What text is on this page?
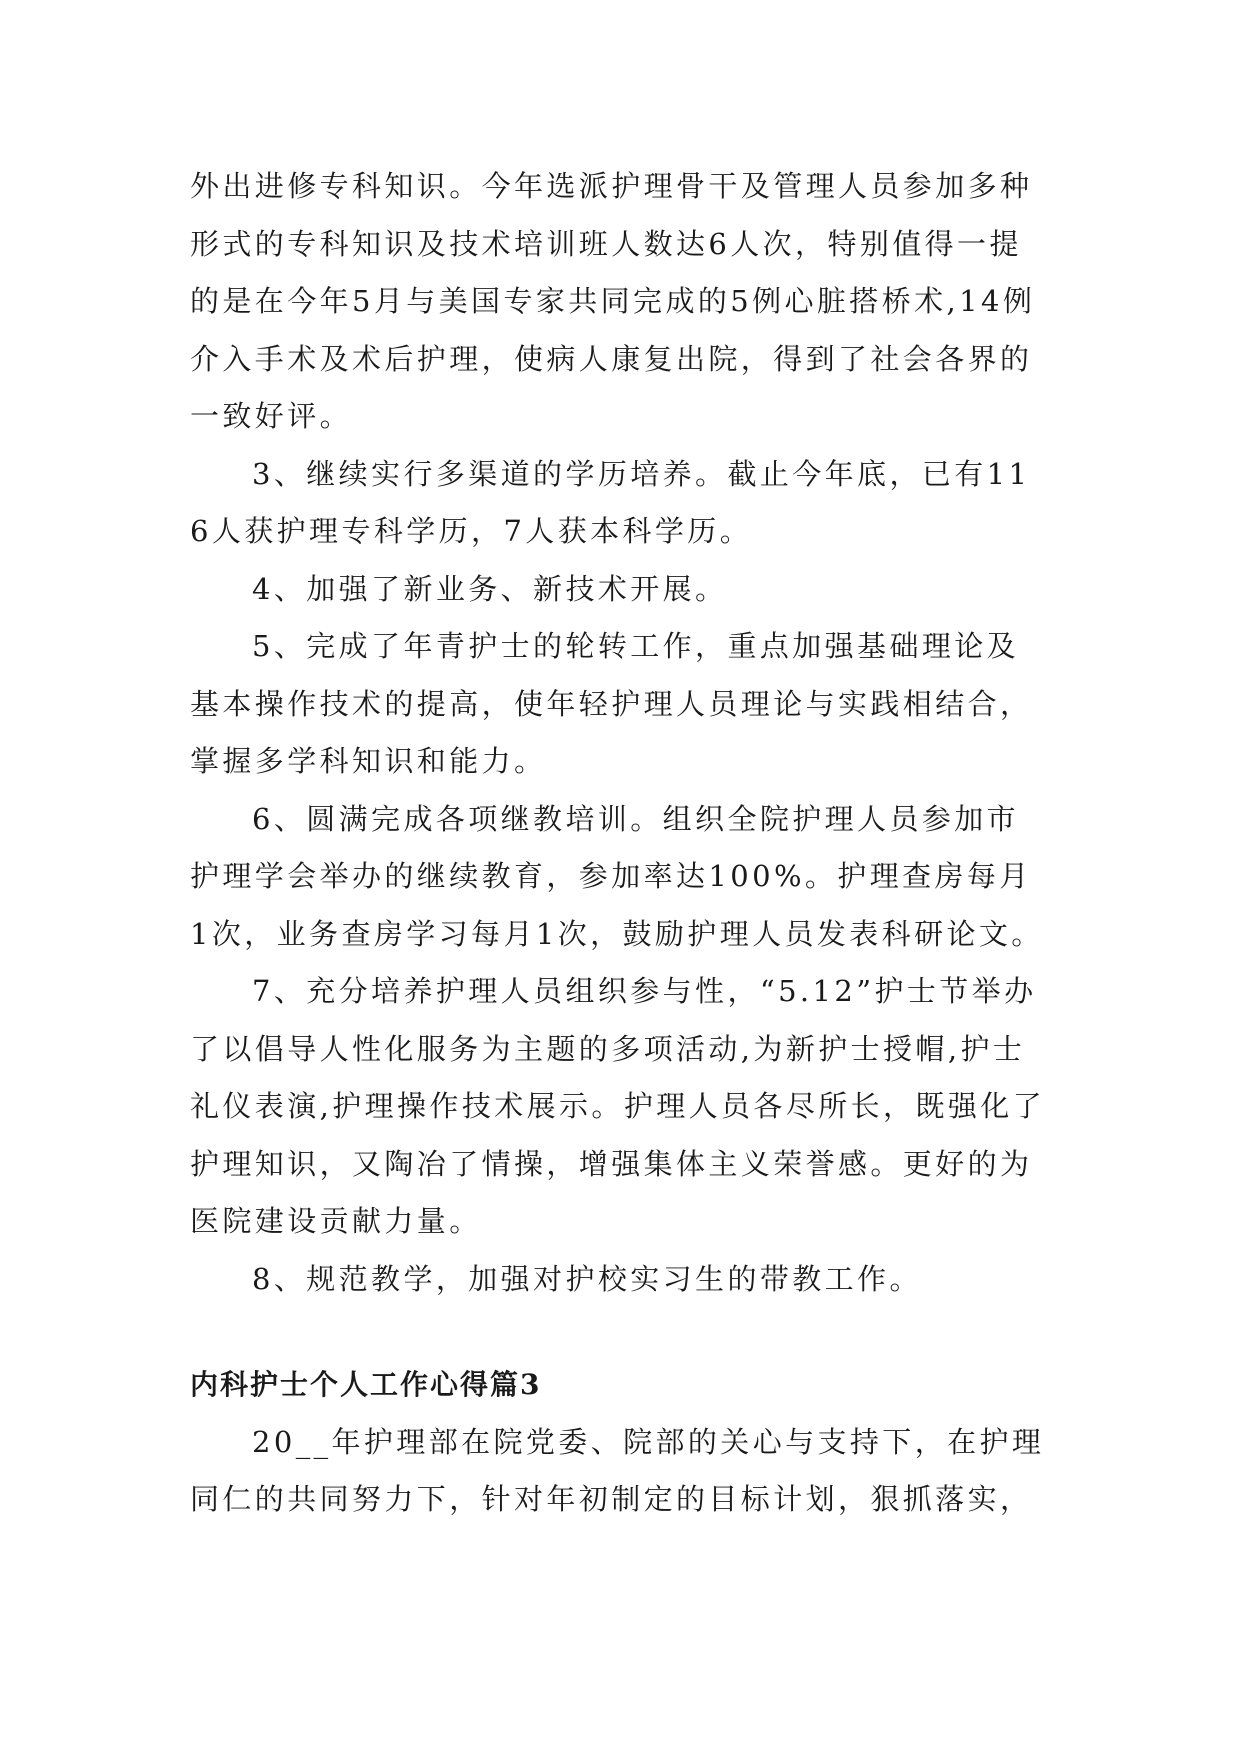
外出进修专科知识。今年选派护理骨干及管理人员参加多种形式的专科知识及技术培训班人数达6人次，特别值得一提的是在今年5月与美国专家共同完成的5例心脏搭桥术,14例介入手术及术后护理，使病人康复出院，得到了社会各界的一致好评。

3、继续实行多渠道的学历培养。截止今年底，已有116人获护理专科学历，7人获本科学历。

4、加强了新业务、新技术开展。

5、完成了年青护士的轮转工作，重点加强基础理论及基本操作技术的提高，使年轻护理人员理论与实践相结合，掌握多学科知识和能力。

6、圆满完成各项继教培训。组织全院护理人员参加市护理学会举办的继续教育，参加率达100%。护理查房每月1次，业务查房学习每月1次，鼓励护理人员发表科研论文。

7、充分培养护理人员组织参与性，“5.12”护士节举办了以倡导人性化服务为主题的多项活动,为新护士授帽,护士礼仪表演,护理操作技术展示。护理人员各尽所长，既强化了护理知识，又陶冶了情操，增强集体主义荣誉感。更好的为医院建设贡献力量。

8、规范教学，加强对护校实习生的带教工作。

内科护士个人工作心得篇3

20__年护理部在院党委、院部的关心与支持下，在护理同仁的共同努力下，针对年初制定的目标计划，狠抓落实，
